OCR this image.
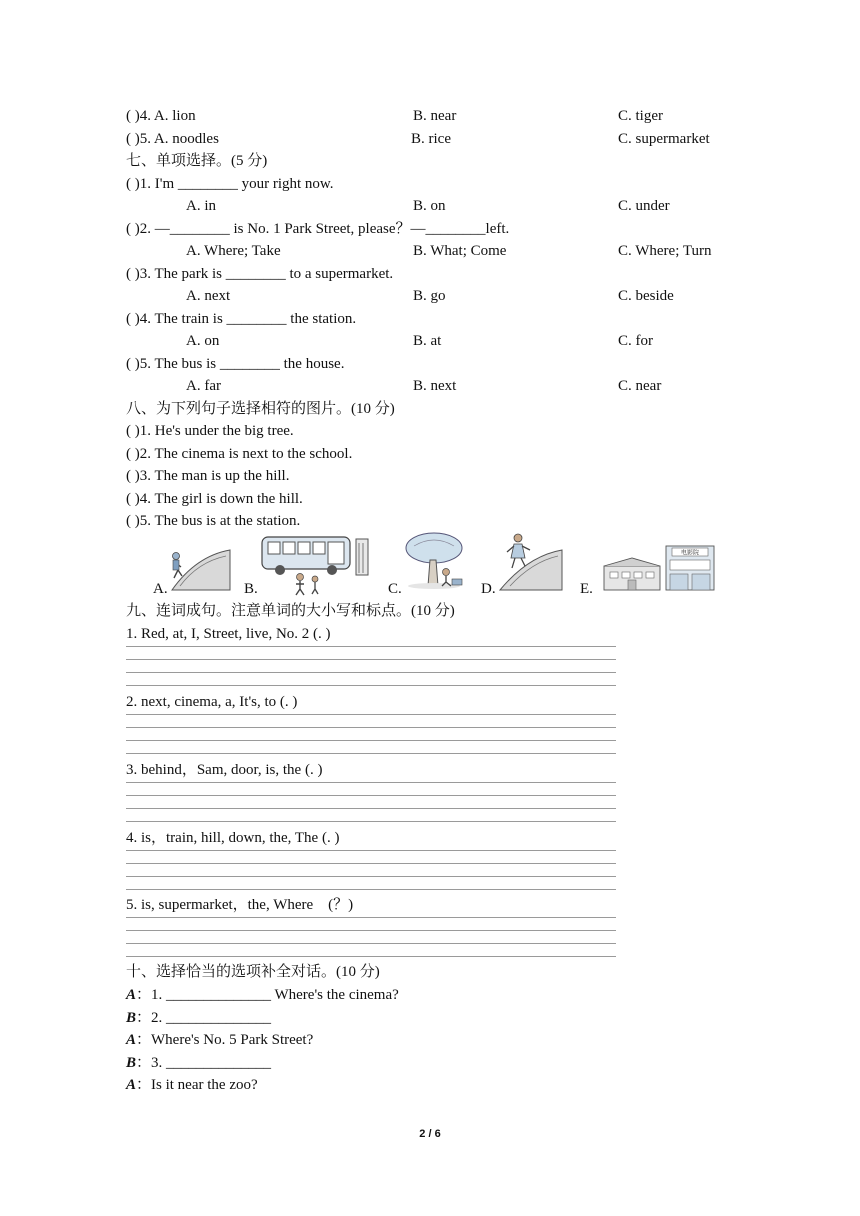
( )4. A. lion	B. near	C. tiger
( )5. A. noodles	B. rice	C. supermarket
七、单项选择。(5 分)
( )1. I'm ________ your right now.
A. in	B. on	C. under
( )2. —________ is No. 1 Park Street, please？—________left.
A. Where; Take	B. What; Come	C. Where; Turn
( )3. The park is ________ to a supermarket.
A. next	B. go	C. beside
( )4. The train is ________ the station.
A. on	B. at	C. for
( )5. The bus is ________ the house.
A. far	B. next	C. near
八、为下列句子选择相符的图片。(10 分)
( )1. He's under the big tree.
( )2. The cinema is next to the school.
( )3. The man is up the hill.
( )4. The girl is down the hill.
( )5. The bus is at the station.
A.	B.	C.	D.	E.
电影院
九、连词成句。注意单词的大小写和标点。(10 分)
1. Red, at, I, Street, live, No. 2 (. )
2. next, cinema, a, It's, to (. )
3. behind，Sam, door, is, the (. )
4. is，train, hill, down, the, The (. )
5. is, supermarket，the, Where　(？)
十、选择恰当的选项补全对话。(10 分)
A：1. ______________ Where's the cinema?
B：2. ______________
A：Where's No. 5 Park Street?
B：3. ______________
A：Is it near the zoo?
2 / 6
